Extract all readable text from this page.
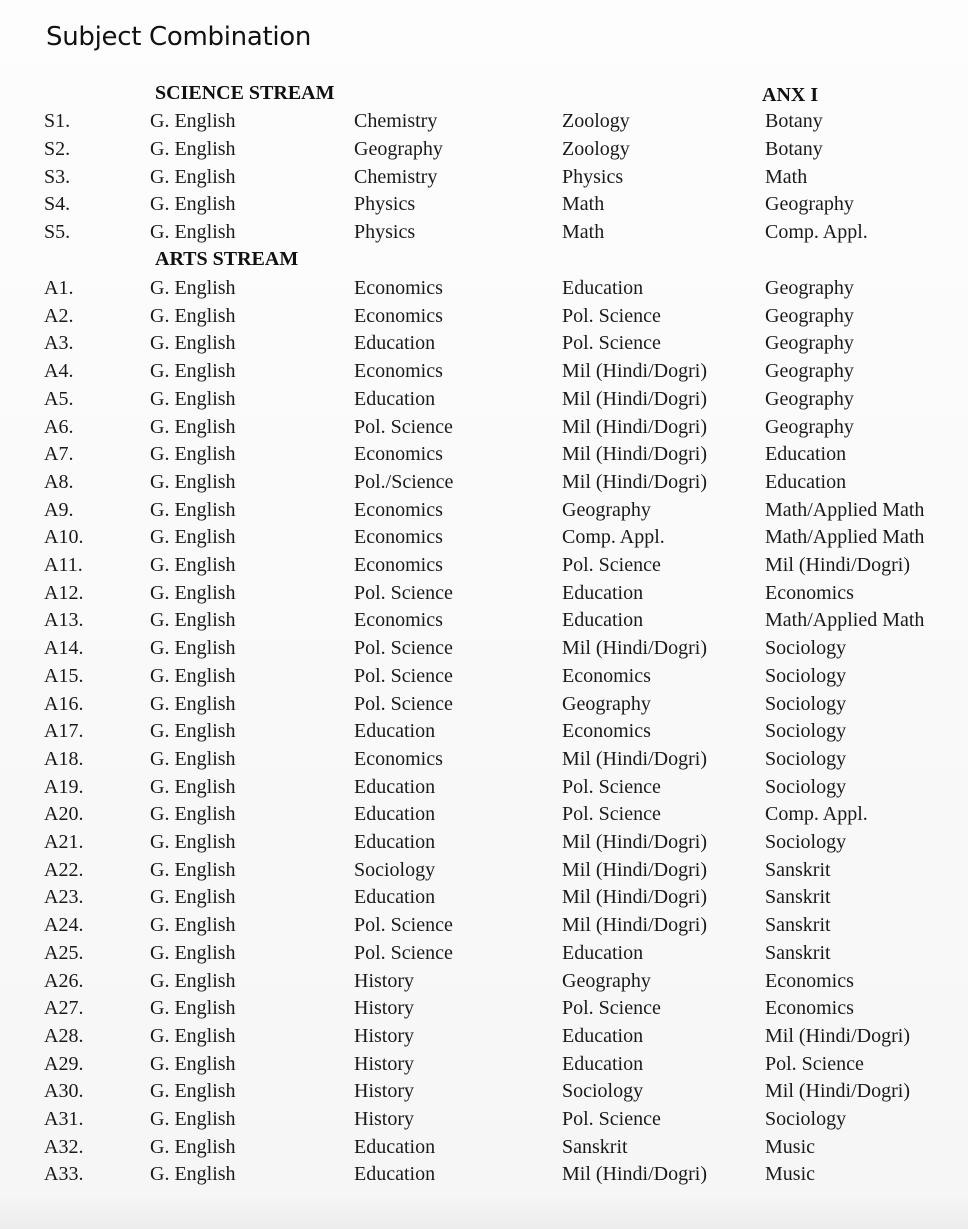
Subject Combination
SCIENCE STREAM	ANX I
S1.	G. English	Chemistry	Zoology	Botany
S2.	G. English	Geography	Zoology	Botany
S3.	G. English	Chemistry	Physics	Math
S4.	G. English	Physics	Math	Geography
S5.	G. English	Physics	Math	Comp. Appl.
ARTS STREAM
A1.	G. English	Economics	Education	Geography
A2.	G. English	Economics	Pol. Science	Geography
A3.	G. English	Education	Pol. Science	Geography
A4.	G. English	Economics	Mil (Hindi/Dogri)	Geography
A5.	G. English	Education	Mil (Hindi/Dogri)	Geography
A6.	G. English	Pol. Science	Mil (Hindi/Dogri)	Geography
A7.	G. English	Economics	Mil (Hindi/Dogri)	Education
A8.	G. English	Pol./Science	Mil (Hindi/Dogri)	Education
A9.	G. English	Economics	Geography	Math/Applied Math
A10.	G. English	Economics	Comp. Appl.	Math/Applied Math
A11.	G. English	Economics	Pol. Science	Mil (Hindi/Dogri)
A12.	G. English	Pol. Science	Education	Economics
A13.	G. English	Economics	Education	Math/Applied Math
A14.	G. English	Pol. Science	Mil (Hindi/Dogri)	Sociology
A15.	G. English	Pol. Science	Economics	Sociology
A16.	G. English	Pol. Science	Geography	Sociology
A17.	G. English	Education	Economics	Sociology
A18.	G. English	Economics	Mil (Hindi/Dogri)	Sociology
A19.	G. English	Education	Pol. Science	Sociology
A20.	G. English	Education	Pol. Science	Comp. Appl.
A21.	G. English	Education	Mil (Hindi/Dogri)	Sociology
A22.	G. English	Sociology	Mil (Hindi/Dogri)	Sanskrit
A23.	G. English	Education	Mil (Hindi/Dogri)	Sanskrit
A24.	G. English	Pol. Science	Mil (Hindi/Dogri)	Sanskrit
A25.	G. English	Pol. Science	Education	Sanskrit
A26.	G. English	History	Geography	Economics
A27.	G. English	History	Pol. Science	Economics
A28.	G. English	History	Education	Mil (Hindi/Dogri)
A29.	G. English	History	Education	Pol. Science
A30.	G. English	History	Sociology	Mil (Hindi/Dogri)
A31.	G. English	History	Pol. Science	Sociology
A32.	G. English	Education	Sanskrit	Music
A33.	G. English	Education	Mil (Hindi/Dogri)	Music
